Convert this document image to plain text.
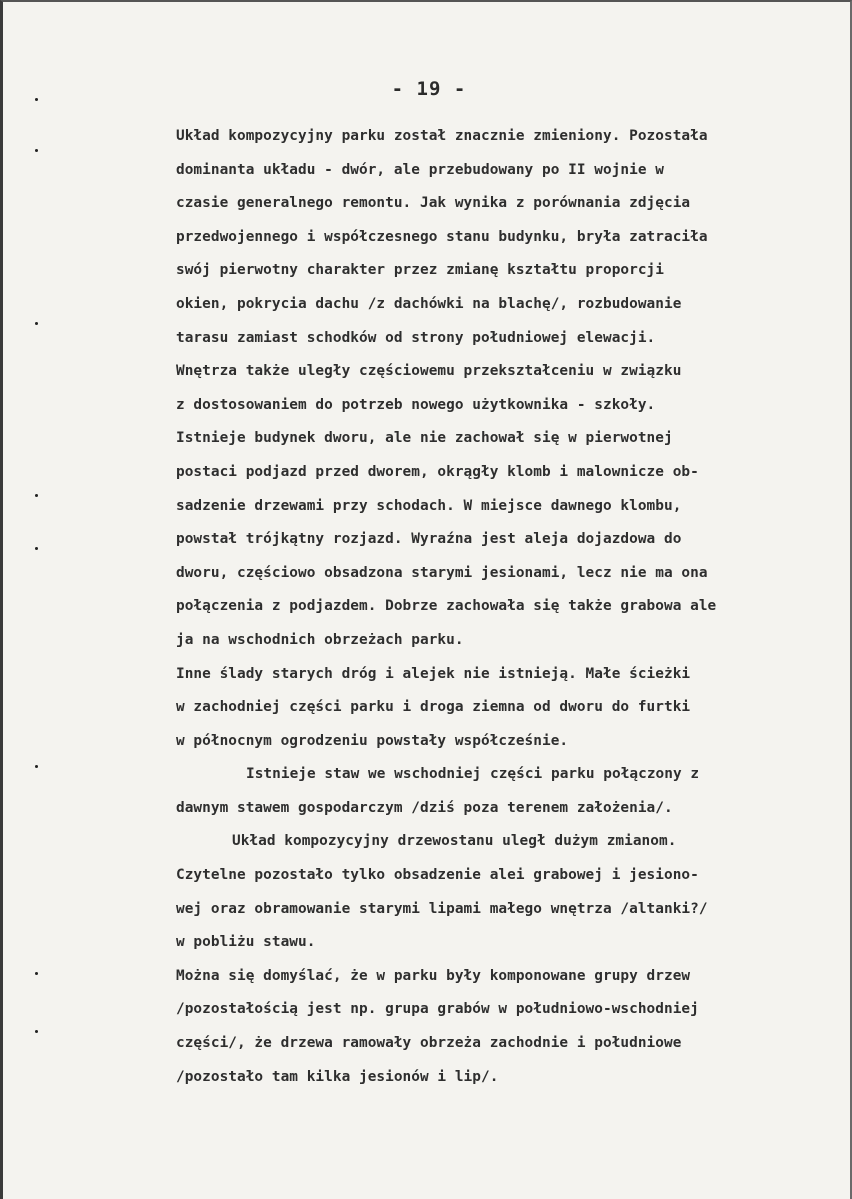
- 19 -
Układ kompozycyjny parku został znacznie zmieniony. Pozostała
dominanta układu - dwór, ale przebudowany po II wojnie w
czasie generalnego remontu. Jak wynika z porównania zdjęcia
przedwojennego i współczesnego stanu budynku, bryła zatraciła
swój pierwotny charakter przez zmianę kształtu proporcji
okien, pokrycia dachu /z dachówki na blachę/, rozbudowanie
tarasu zamiast schodków od strony południowej elewacji.
Wnętrza także uległy częściowemu przekształceniu w związku
z dostosowaniem do potrzeb nowego użytkownika - szkoły.
Istnieje budynek dworu, ale nie zachował się w pierwotnej
postaci podjazd przed dworem, okrągły klomb i malownicze ob-
sadzenie drzewami przy schodach. W miejsce dawnego klombu,
powstał trójkątny rozjazd. Wyraźna jest aleja dojazdowa do
dworu, częściowo obsadzona starymi jesionami, lecz nie ma ona
połączenia z podjazdem. Dobrze zachowała się także grabowa ale
ja na wschodnich obrzeżach parku.
Inne ślady starych dróg i alejek nie istnieją. Małe ścieżki
w zachodniej części parku i droga ziemna od dworu do furtki
w północnym ogrodzeniu powstały współcześnie.
Istnieje staw we wschodniej części parku połączony z
dawnym stawem gospodarczym /dziś poza terenem założenia/.
Układ kompozycyjny drzewostanu uległ dużym zmianom.
Czytelne pozostało tylko obsadzenie alei grabowej i jesiono-
wej oraz obramowanie starymi lipami małego wnętrza /altanki?/
w pobliżu stawu.
Można się domyślać, że w parku były komponowane grupy drzew
/pozostałością jest np. grupa grabów w południowo-wschodniej
części/, że drzewa ramowały obrzeża zachodnie i południowe
/pozostało tam kilka jesionów i lip/.
